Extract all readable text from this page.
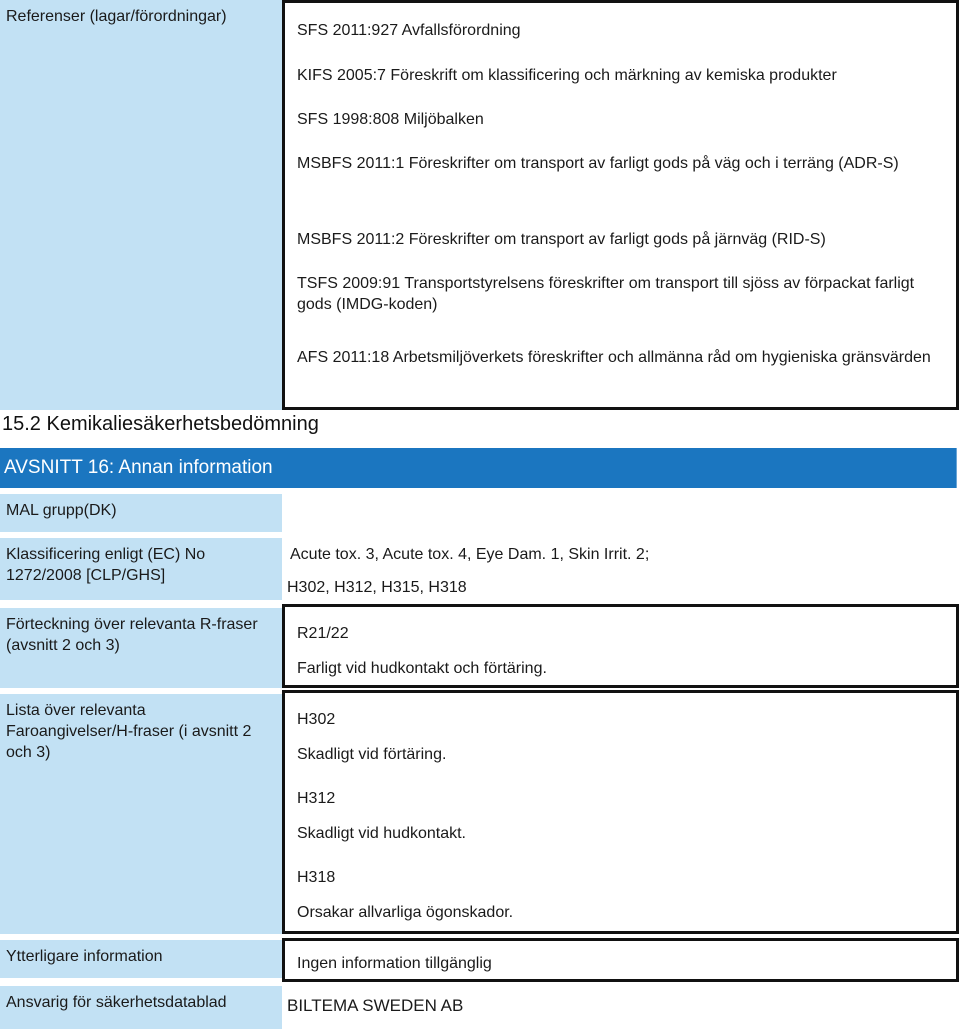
Referenser (lagar/förordningar)
SFS 2011:927 Avfallsförordning
KIFS 2005:7 Föreskrift om klassificering och märkning av kemiska produkter
SFS 1998:808 Miljöbalken
MSBFS 2011:1 Föreskrifter om transport av farligt gods på väg och i terräng (ADR-S)
MSBFS 2011:2 Föreskrifter om transport av farligt gods på järnväg (RID-S)
TSFS 2009:91 Transportstyrelsens föreskrifter om transport till sjöss av förpackat farligt gods (IMDG-koden)
AFS 2011:18 Arbetsmiljöverkets föreskrifter och allmänna råd om hygieniska gränsvärden
15.2 Kemikaliesäkerhetsbedömning
AVSNITT 16: Annan information
MAL grupp(DK)
Klassificering enligt (EC) No 1272/2008 [CLP/GHS]
Acute tox. 3, Acute tox. 4, Eye Dam. 1, Skin Irrit. 2;
H302, H312, H315, H318
Förteckning över relevanta R-fraser (avsnitt 2 och 3)
R21/22
Farligt vid hudkontakt och förtäring.
Lista över relevanta Faroangivelser/H-fraser (i avsnitt 2 och 3)
H302
Skadligt vid förtäring.
H312
Skadligt vid hudkontakt.
H318
Orsakar allvarliga ögonskador.
Ytterligare information	Ingen information tillgänglig
Ansvarig för säkerhetsdatablad	BILTEMA SWEDEN AB
